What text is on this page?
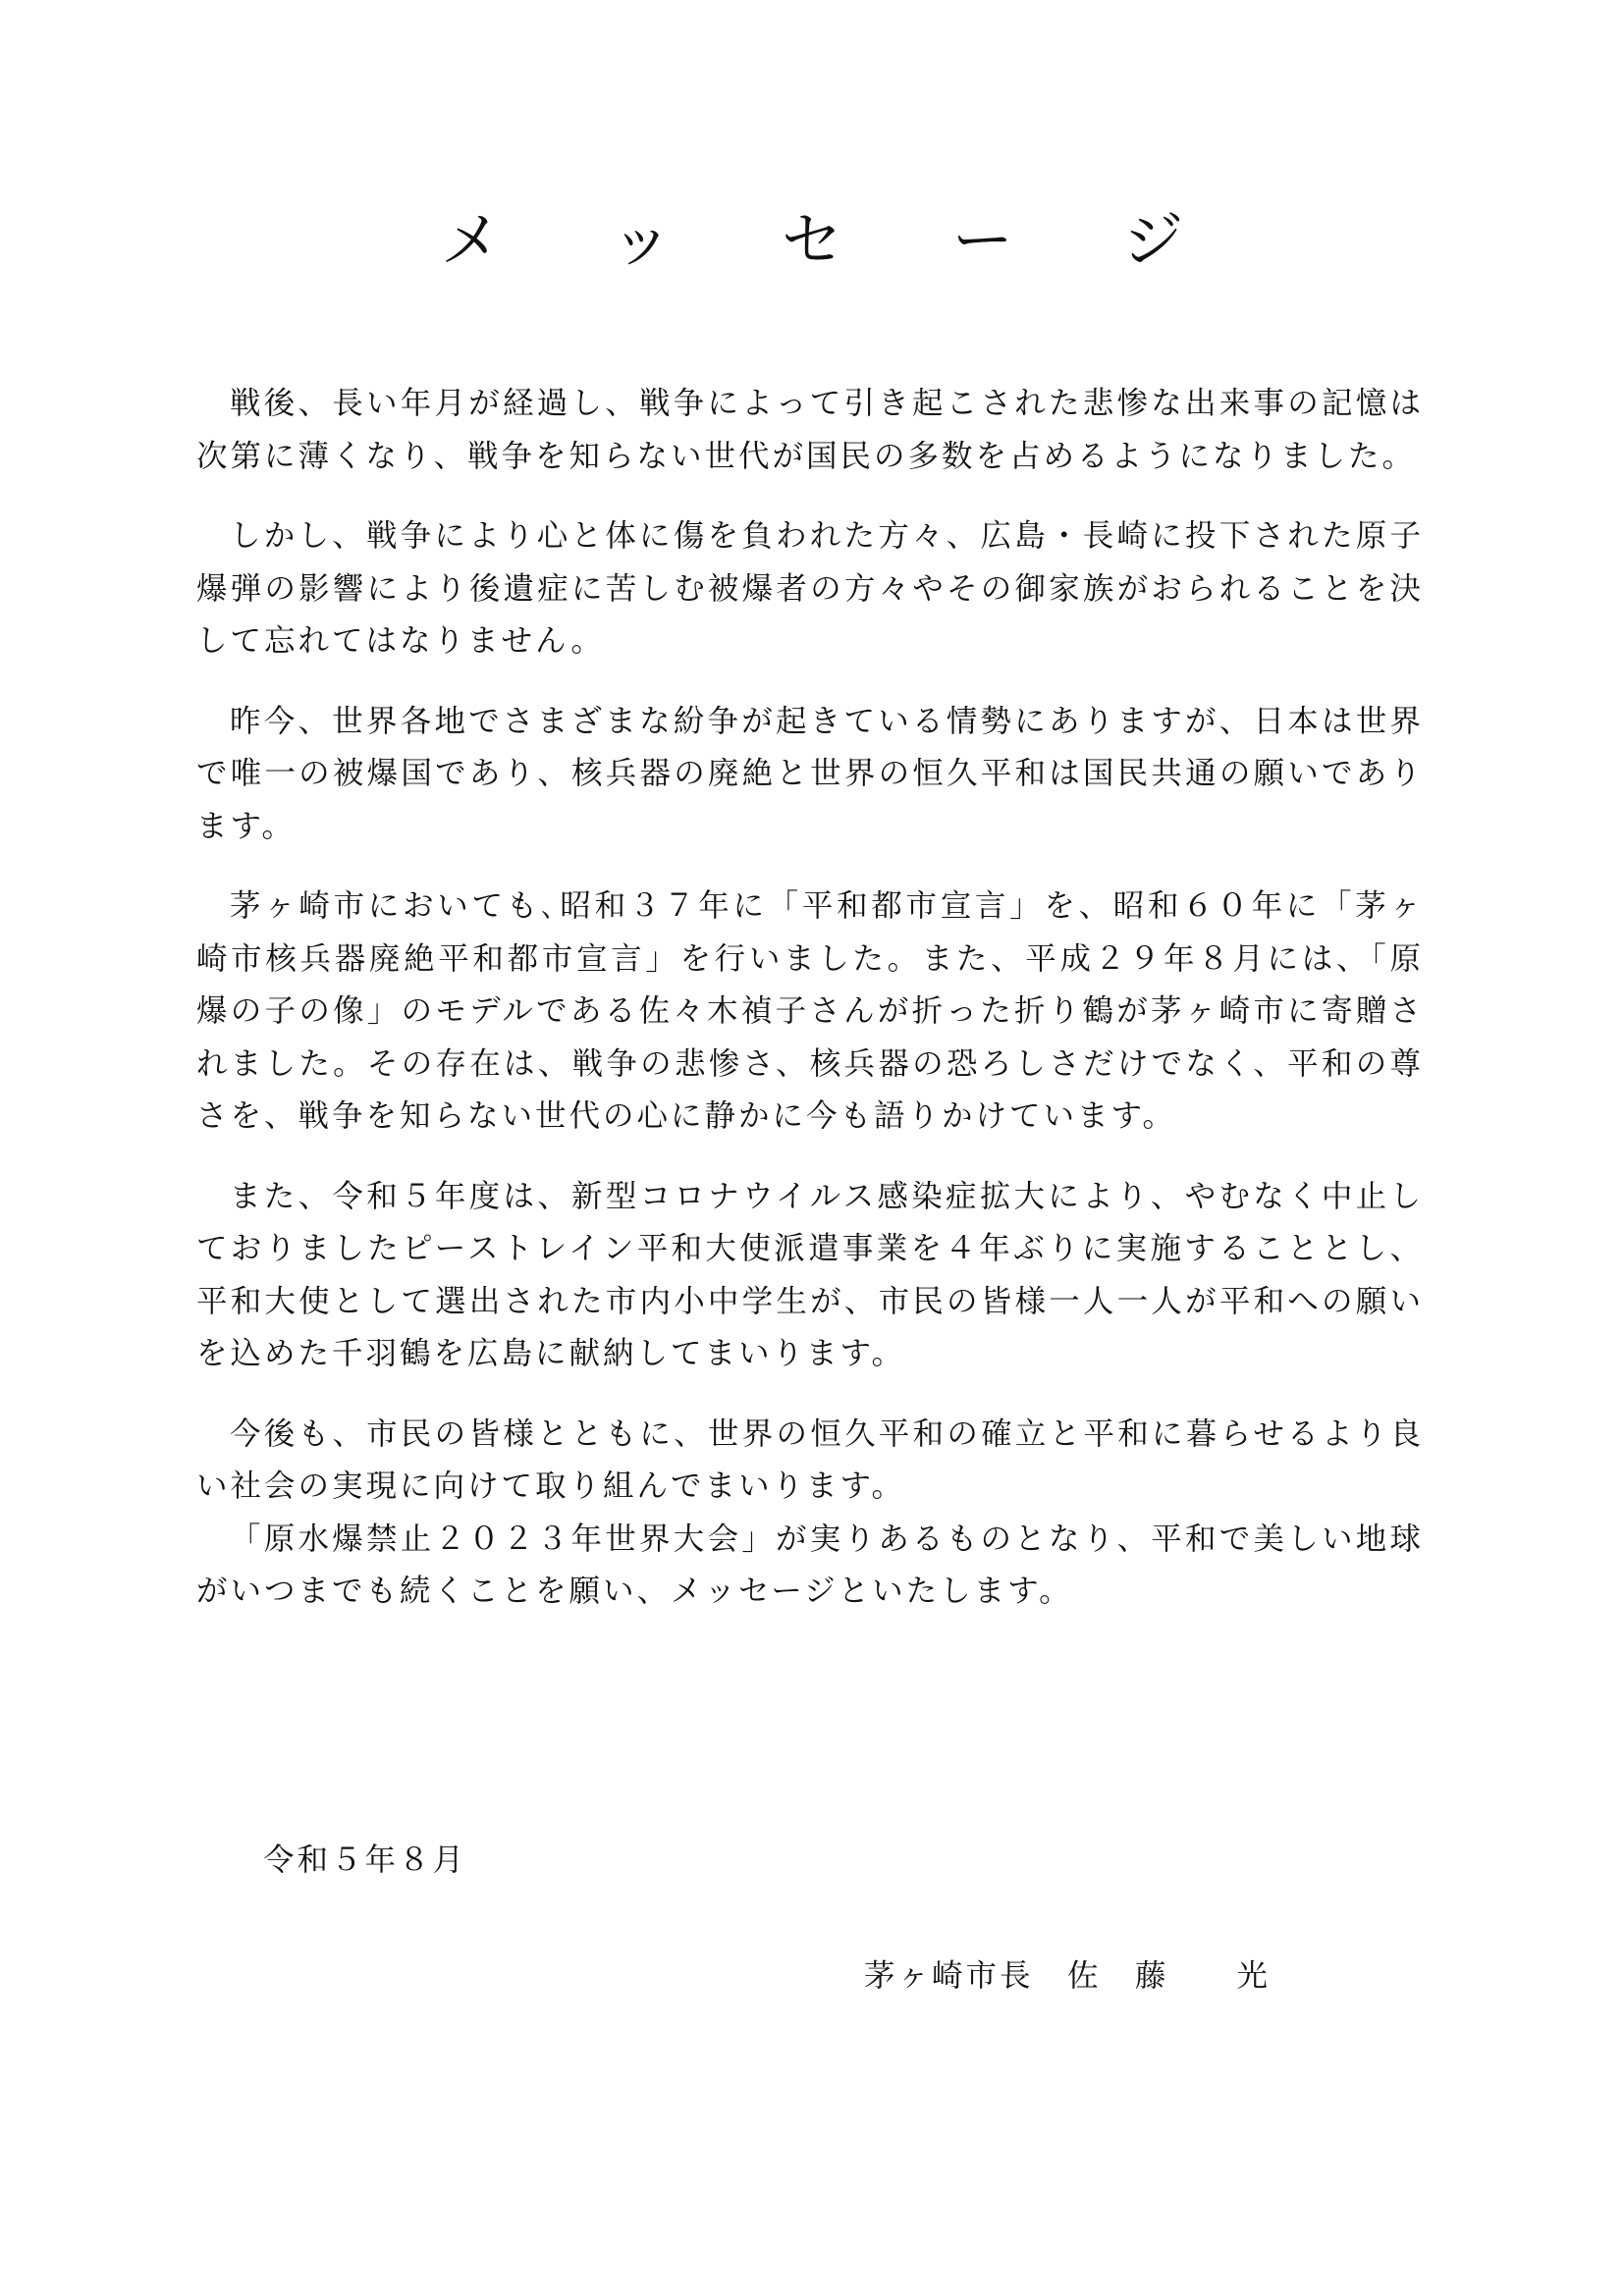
メ ッ セ ー ジ

戦後、長い年月が経過し、戦争によって引き起こされた悲惨な出来事の記憶は次第に薄くなり、戦争を知らない世代が国民の多数を占めるようになりました。

しかし、戦争により心と体に傷を負われた方々、広島・長崎に投下された原子爆弾の影響により後遺症に苦しむ被爆者の方々やその御家族がおられることを決して忘れてはなりません。

昨今、世界各地でさまざまな紛争が起きている情勢にありますが、日本は世界で唯一の被爆国であり、核兵器の廃絶と世界の恒久平和は国民共通の願いであります。

茅ヶ崎市においても､昭和３７年に「平和都市宣言」を、昭和６０年に「茅ヶ崎市核兵器廃絶平和都市宣言」を行いました。また、平成２９年８月には、「原爆の子の像」のモデルである佐々木禎子さんが折った折り鶴が茅ヶ崎市に寄贈されました。その存在は、戦争の悲惨さ、核兵器の恐ろしさだけでなく、平和の尊さを、戦争を知らない世代の心に静かに今も語りかけています。

また、令和５年度は、新型コロナウイルス感染症拡大により、やむなく中止しておりましたピーストレイン平和大使派遣事業を４年ぶりに実施することとし、平和大使として選出された市内小中学生が、市民の皆様一人一人が平和への願いを込めた千羽鶴を広島に献納してまいります。

今後も、市民の皆様とともに、世界の恒久平和の確立と平和に暮らせるより良い社会の実現に向けて取り組んでまいります。

「原水爆禁止２０２３年世界大会」が実りあるものとなり、平和で美しい地球がいつまでも続くことを願い、メッセージといたします。

令和５年８月
茅ヶ崎市長　佐　藤　　光
